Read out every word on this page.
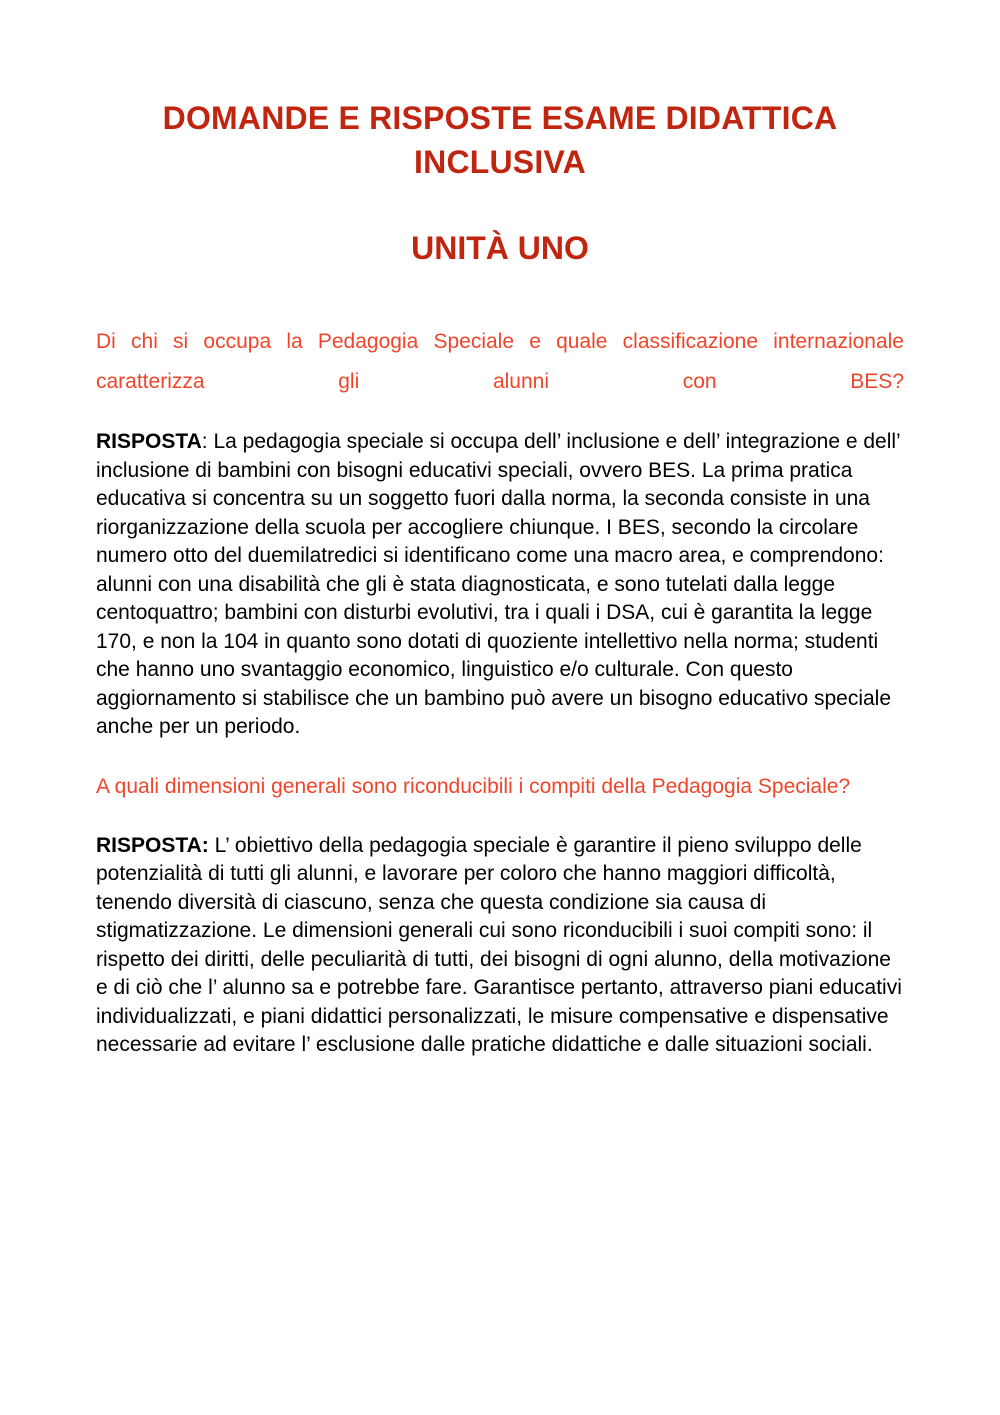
DOMANDE E RISPOSTE ESAME DIDATTICA INCLUSIVA
UNITÀ UNO

Di chi si occupa la Pedagogia Speciale e quale classificazione internazionale caratterizza gli alunni con BES?

RISPOSTA: La pedagogia speciale si occupa dell’ inclusione e dell’ integrazione e dell’ inclusione di bambini con bisogni educativi speciali, ovvero BES. La prima pratica educativa si concentra su un soggetto fuori dalla norma, la seconda consiste in una riorganizzazione della scuola per accogliere chiunque. I BES, secondo la circolare numero otto del duemilatredici si identificano come una macro area, e comprendono: alunni con una disabilità che gli è stata diagnosticata, e sono tutelati dalla legge centoquattro; bambini con disturbi evolutivi, tra i quali i DSA, cui è garantita la legge 170, e non la 104 in quanto sono dotati di quoziente intellettivo nella norma; studenti che hanno uno svantaggio economico, linguistico e/o culturale. Con questo aggiornamento si stabilisce che un bambino può avere un bisogno educativo speciale anche per un periodo.

A quali dimensioni generali sono riconducibili i compiti della Pedagogia Speciale?

RISPOSTA: L’ obiettivo della pedagogia speciale è garantire il pieno sviluppo delle potenzialità di tutti gli alunni, e lavorare per coloro che hanno maggiori difficoltà, tenendo diversità di ciascuno, senza che questa condizione sia causa di stigmatizzazione. Le dimensioni generali cui sono riconducibili i suoi compiti sono: il rispetto dei diritti, delle peculiarità di tutti, dei bisogni di ogni alunno, della motivazione e di ciò che l’ alunno sa e potrebbe fare. Garantisce pertanto, attraverso piani educativi individualizzati, e piani didattici personalizzati, le misure compensative e dispensative necessarie ad evitare l’ esclusione dalle pratiche didattiche e dalle situazioni sociali.
